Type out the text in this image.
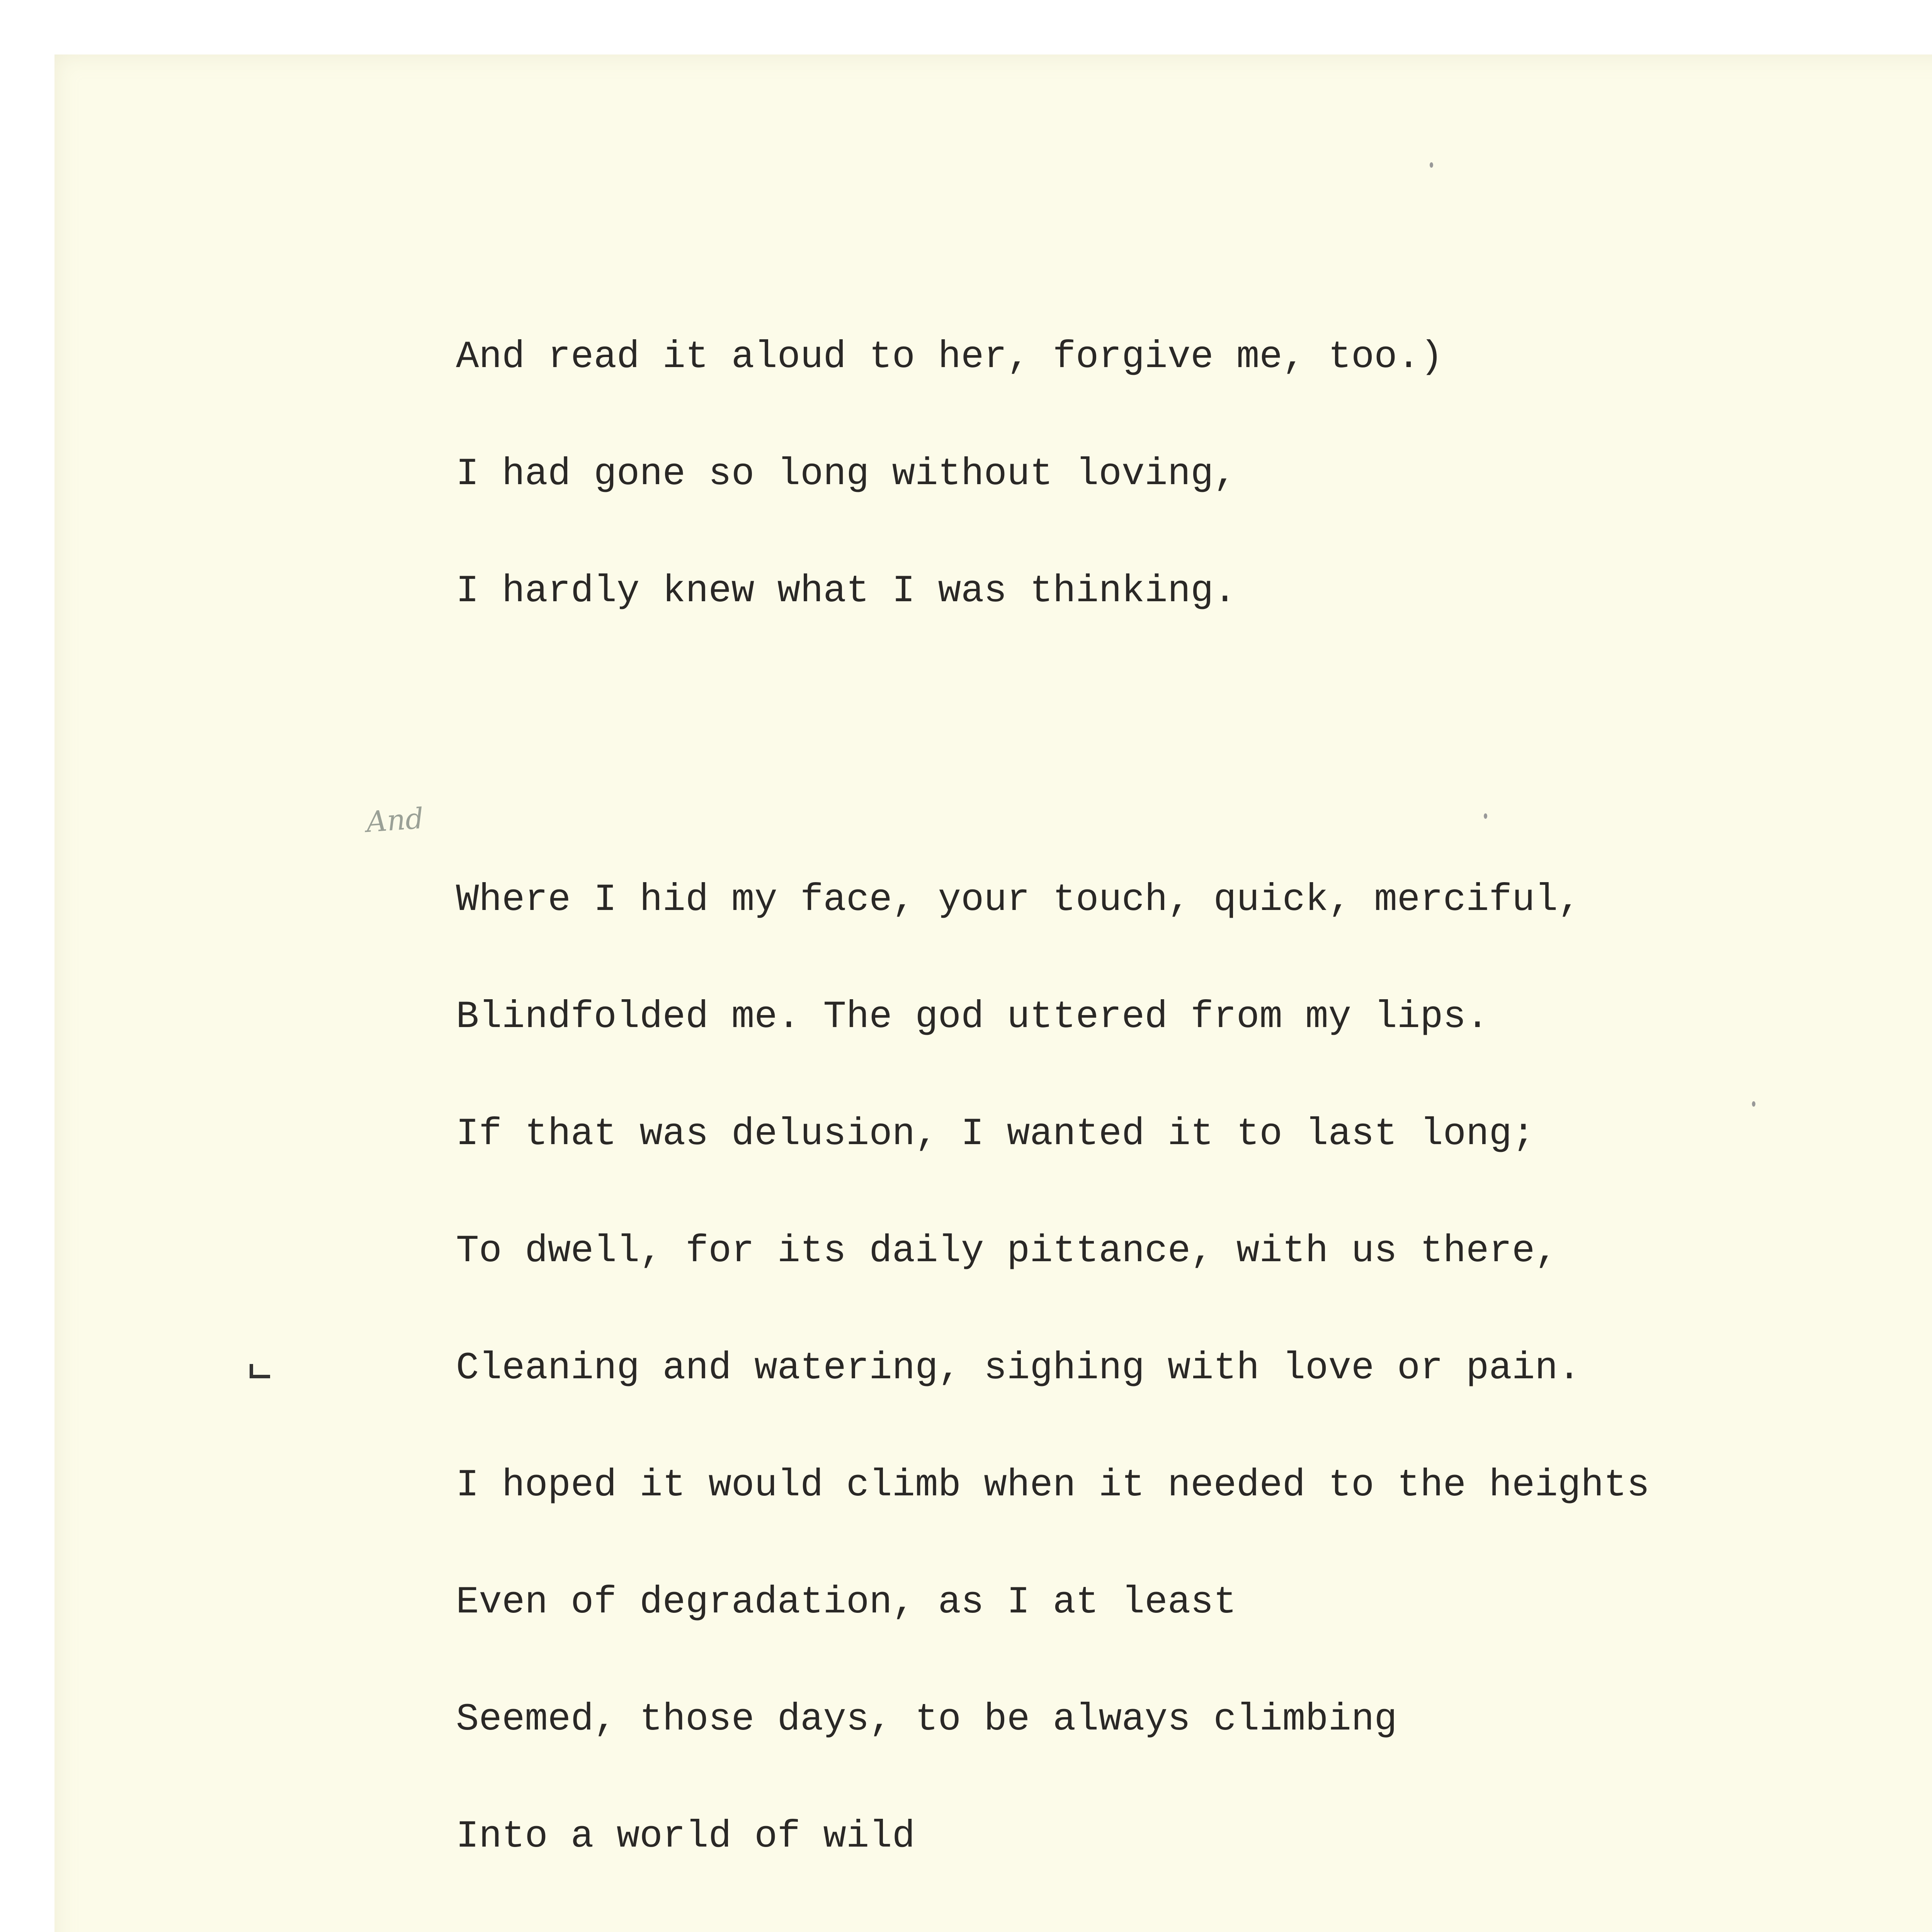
And read it aloud to her, forgive me, too.)

I had gone so long without loving,

I hardly knew what I was thinking.

Where I hid my face, your touch, quick, merciful,

Blindfolded me. The god uttered from my lips.

If that was delusion, I wanted it to last long;

To dwell, for its daily pittance, with us there,

Cleaning and watering, sighing with love or pain.

I hoped it would climb when it needed to the heights

Even of degradation, as I at least

Seemed, those days, to be always climbing

Into a world of wild

And
